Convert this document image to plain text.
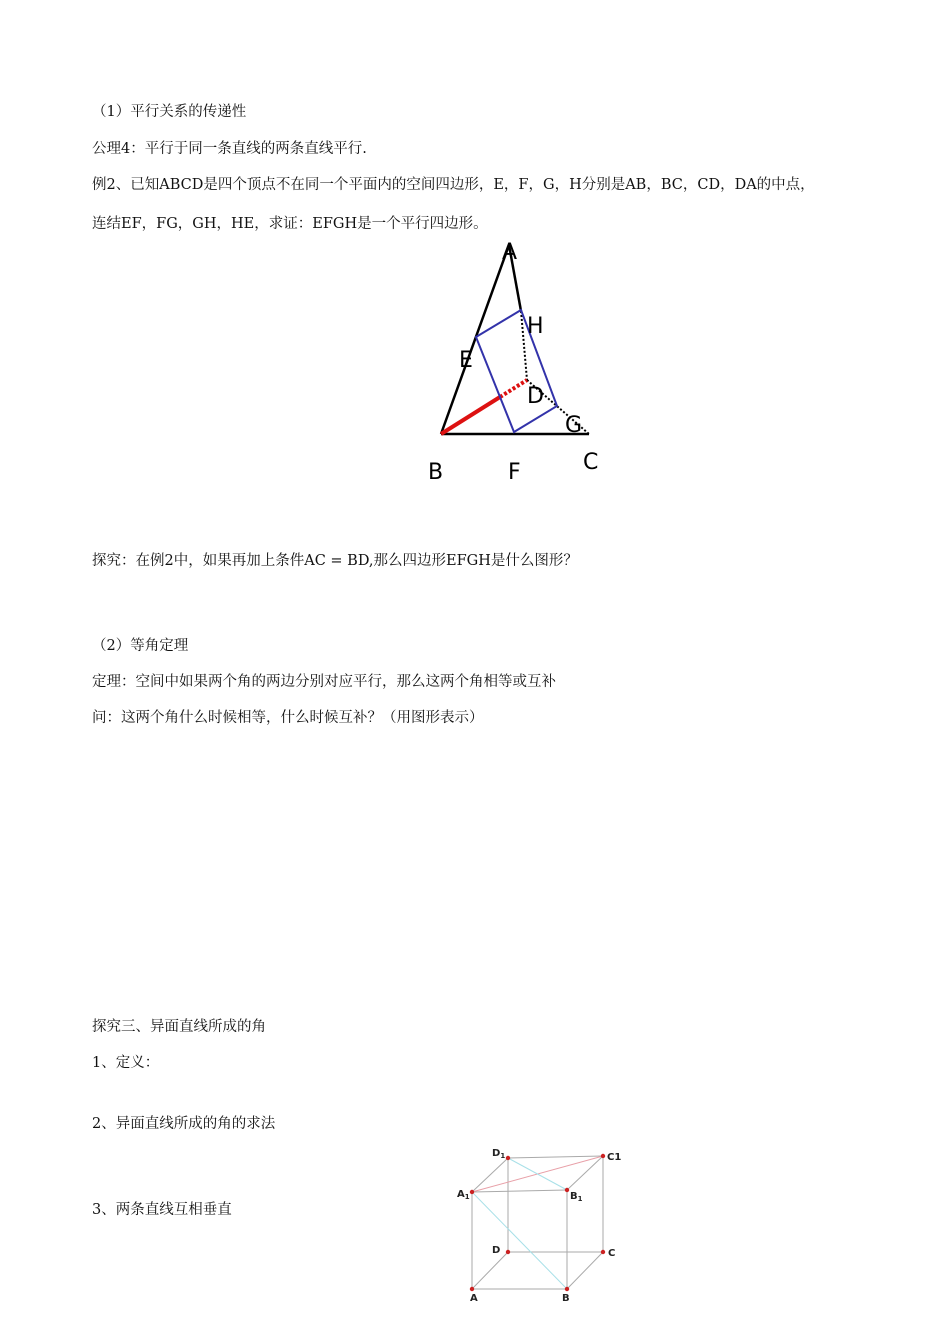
（1）平行关系的传递性
公理4：平行于同一条直线的两条直线平行.
例2、已知ABCD是四个顶点不在同一个平面内的空间四边形，E，F，G，H分别是AB，BC，CD，DA的中点，
连结EF，FG，GH，HE，求证：EFGH是一个平行四边形。
A
H
E
D
G
B	F	C
探究：在例2中，如果再加上条件AC = BD,那么四边形EFGH是什么图形？
（2）等角定理
定理：空间中如果两个角的两边分别对应平行，那么这两个角相等或互补
问：这两个角什么时候相等，什么时候互补？（用图形表示）
探究三、异面直线所成的角
1、定义：
2、异面直线所成的角的求法
3、两条直线互相垂直
$D_1$	C1
$A_1$	$B_1$
D	C
A	B
